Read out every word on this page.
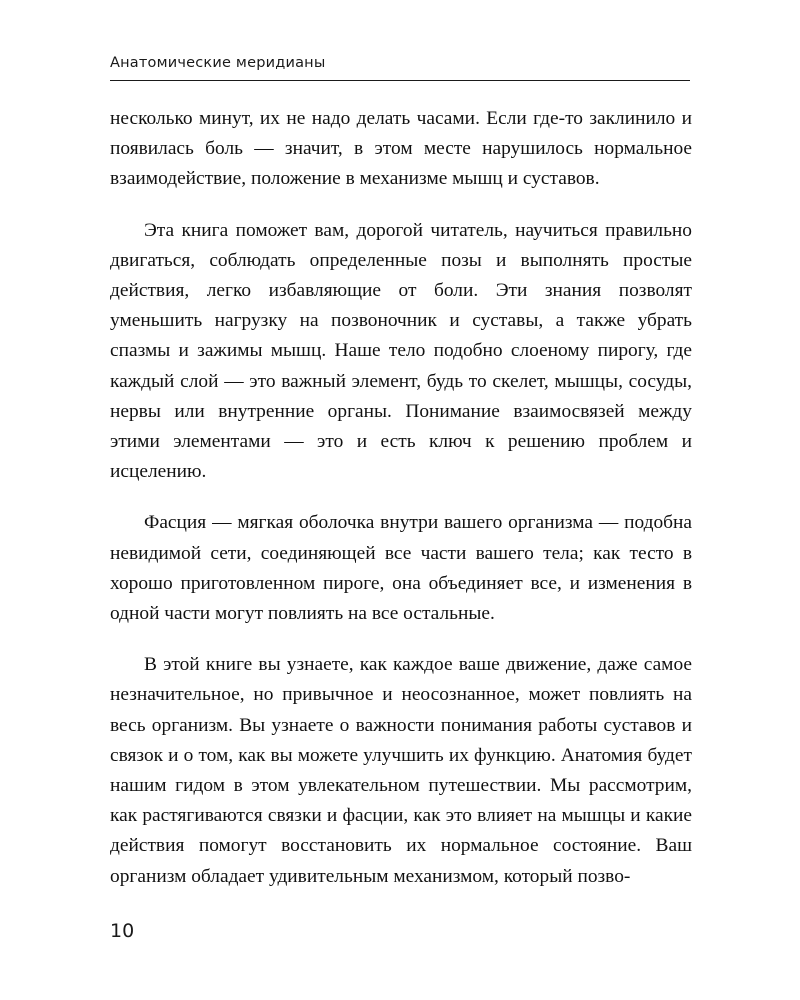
Анатомические меридианы

несколько минут, их не надо делать часами. Если где-то заклинило и появилась боль — значит, в этом месте нарушилось нормальное взаимодействие, положение в механизме мышц и суставов.

Эта книга поможет вам, дорогой читатель, научиться правильно двигаться, соблюдать определенные позы и выполнять простые действия, легко избавляющие от боли. Эти знания позволят уменьшить нагрузку на позвоночник и суставы, а также убрать спазмы и зажимы мышц. Наше тело подобно слоеному пирогу, где каждый слой — это важный элемент, будь то скелет, мышцы, сосуды, нервы или внутренние органы. Понимание взаимосвязей между этими элементами — это и есть ключ к решению проблем и исцелению.

Фасция — мягкая оболочка внутри вашего организма — подобна невидимой сети, соединяющей все части вашего тела; как тесто в хорошо приготовленном пироге, она объединяет все, и изменения в одной части могут повлиять на все остальные.

В этой книге вы узнаете, как каждое ваше движение, даже самое незначительное, но привычное и неосознанное, может повлиять на весь организм. Вы узнаете о важности понимания работы суставов и связок и о том, как вы можете улучшить их функцию. Анатомия будет нашим гидом в этом увлекательном путешествии. Мы рассмотрим, как растягиваются связки и фасции, как это влияет на мышцы и какие действия помогут восстановить их нормальное состояние. Ваш организм обладает удивительным механизмом, который позво-

10
